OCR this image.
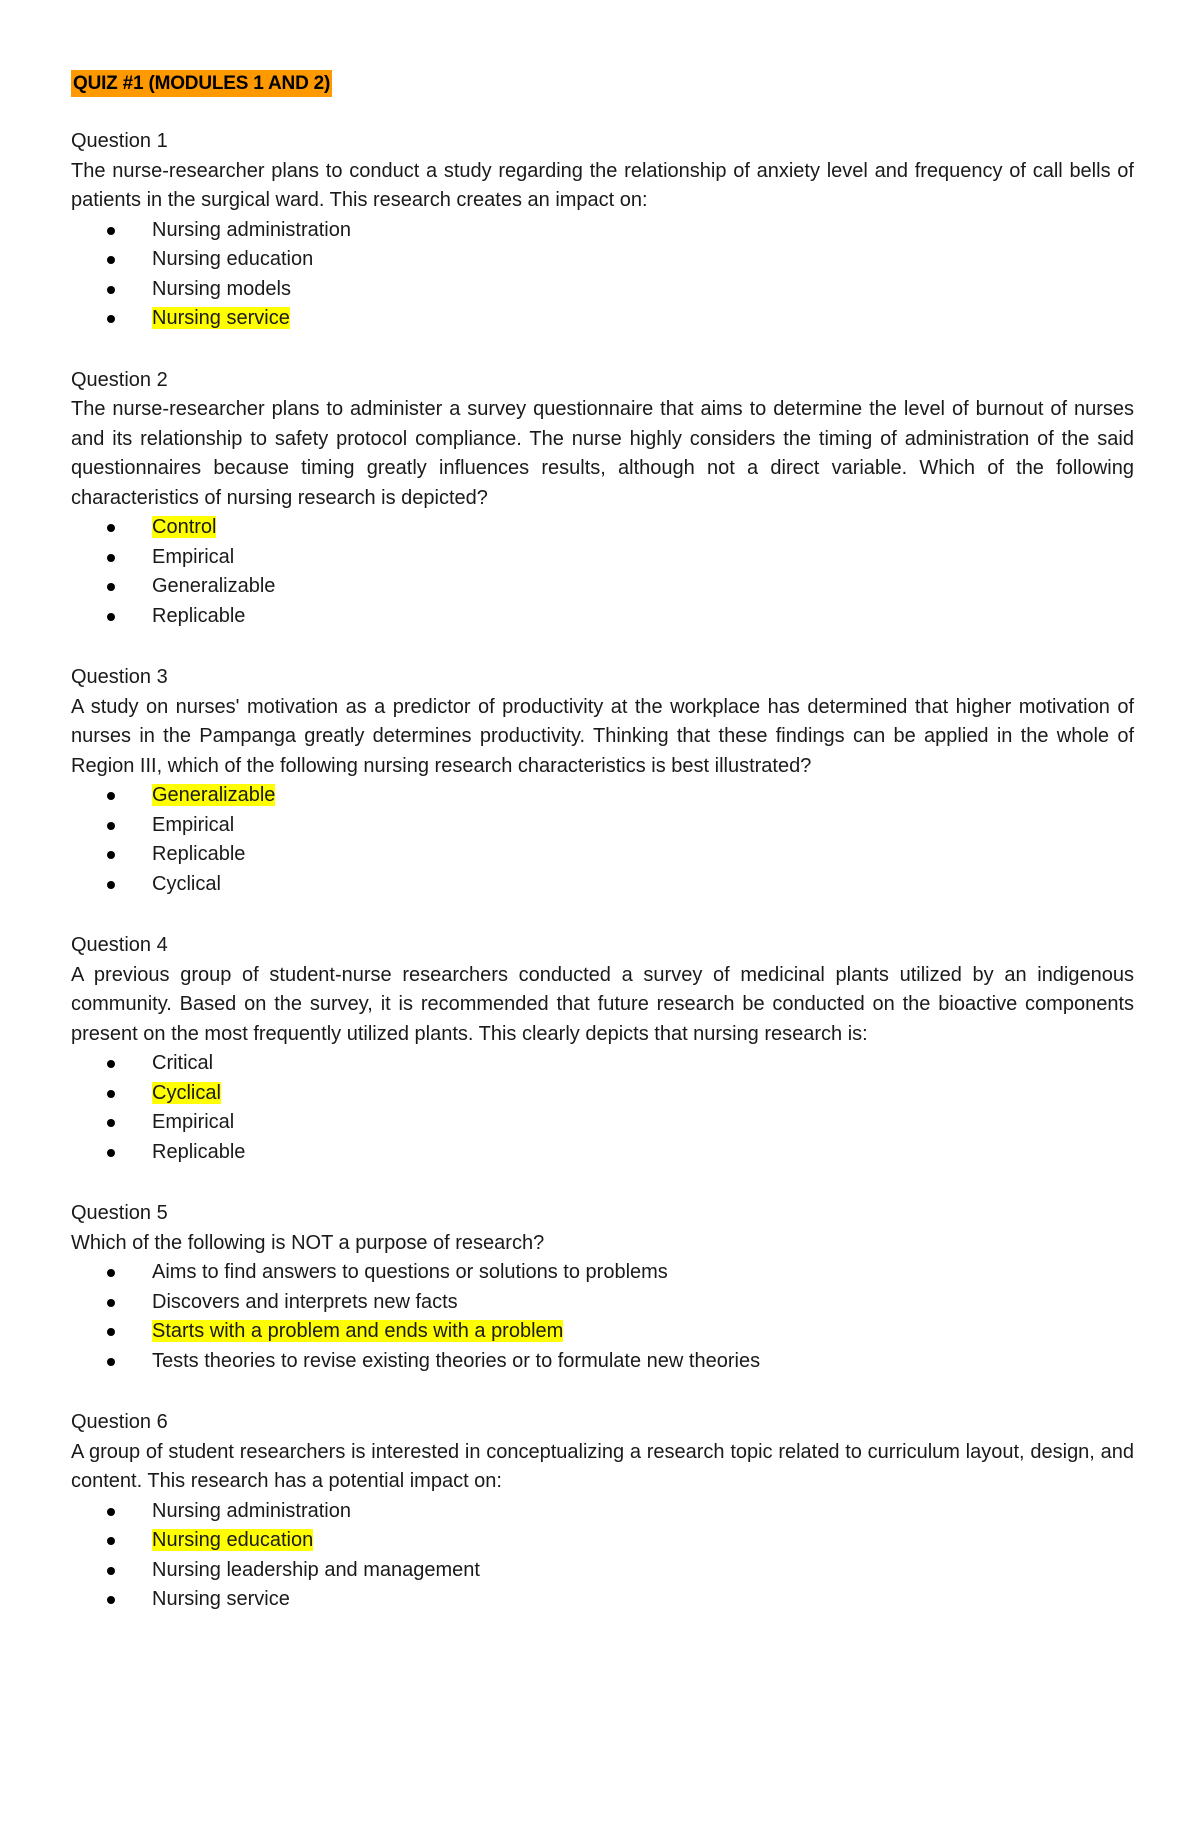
QUIZ #1 (MODULES 1 AND 2)

Question 1

The nurse-researcher plans to conduct a study regarding the relationship of anxiety level and frequency of call bells of patients in the surgical ward. This research creates an impact on:

Nursing administration
Nursing education
Nursing models
Nursing service

Question 2

The nurse-researcher plans to administer a survey questionnaire that aims to determine the level of burnout of nurses and its relationship to safety protocol compliance. The nurse highly considers the timing of administration of the said questionnaires because timing greatly influences results, although not a direct variable. Which of the following characteristics of nursing research is depicted?

Control
Empirical
Generalizable
Replicable

Question 3

A study on nurses' motivation as a predictor of productivity at the workplace has determined that higher motivation of nurses in the Pampanga greatly determines productivity. Thinking that these findings can be applied in the whole of Region III, which of the following nursing research characteristics is best illustrated?

Generalizable
Empirical
Replicable
Cyclical

Question 4

A previous group of student-nurse researchers conducted a survey of medicinal plants utilized by an indigenous community. Based on the survey, it is recommended that future research be conducted on the bioactive components present on the most frequently utilized plants. This clearly depicts that nursing research is:

Critical
Cyclical
Empirical
Replicable

Question 5

Which of the following is NOT a purpose of research?

Aims to find answers to questions or solutions to problems
Discovers and interprets new facts
Starts with a problem and ends with a problem
Tests theories to revise existing theories or to formulate new theories

Question 6

A group of student researchers is interested in conceptualizing a research topic related to curriculum layout, design, and content. This research has a potential impact on:

Nursing administration
Nursing education
Nursing leadership and management
Nursing service
